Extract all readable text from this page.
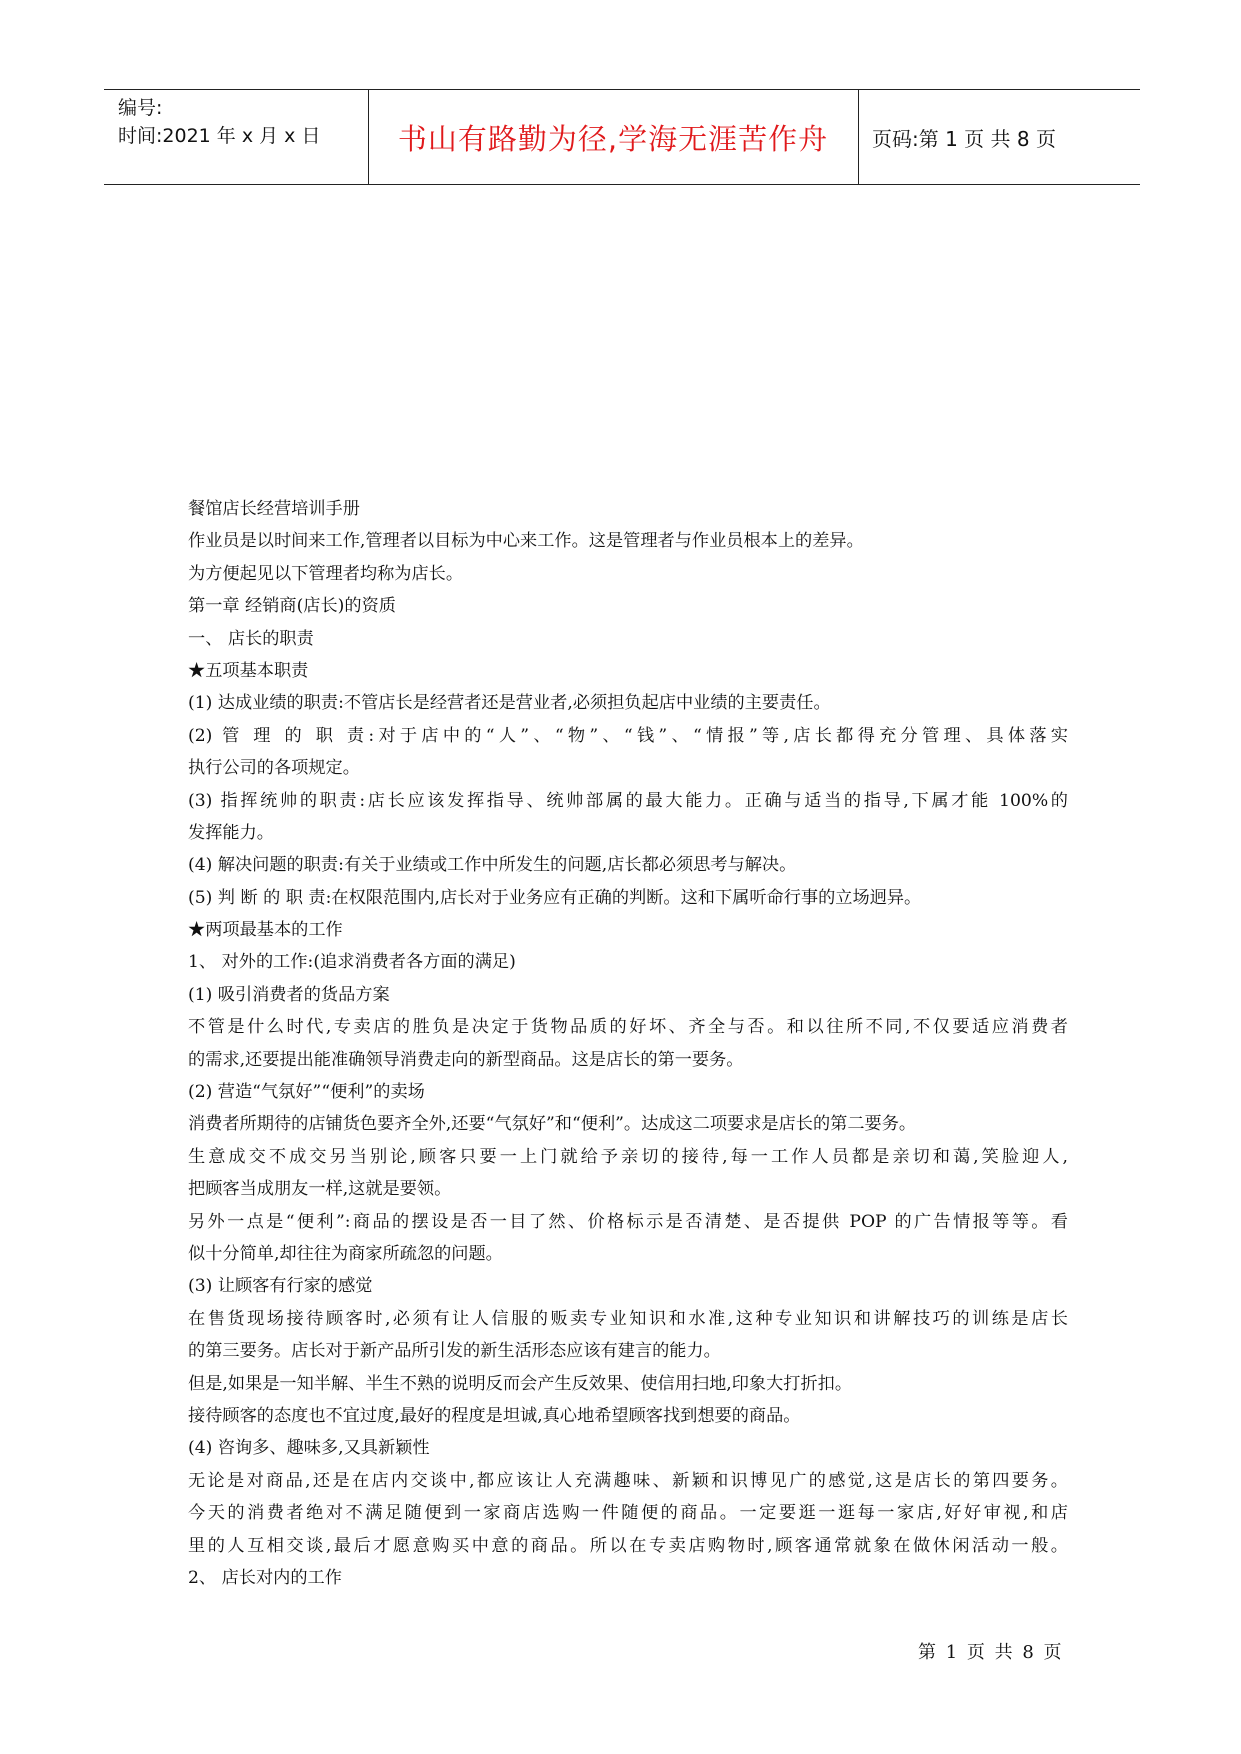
编号:
时间:2021 年 x 月 x 日	书山有路勤为径,学海无涯苦作舟	页码:第 1 页 共 8 页
餐馆店长经营培训手册
作业员是以时间来工作,管理者以目标为中心来工作。这是管理者与作业员根本上的差异。
为方便起见以下管理者均称为店长。
第一章 经销商(店长)的资质
一、 店长的职责
★五项基本职责
(1) 达成业绩的职责:不管店长是经营者还是营业者,必须担负起店中业绩的主要责任。
(2) 管 理 的 职 责:对于店中的“人”、“物”、“钱”、“情报”等,店长都得充分管理、具体落实
执行公司的各项规定。
(3) 指挥统帅的职责:店长应该发挥指导、统帅部属的最大能力。正确与适当的指导,下属才能 100%的
发挥能力。
(4) 解决问题的职责:有关于业绩或工作中所发生的问题,店长都必须思考与解决。
(5) 判 断 的 职 责:在权限范围内,店长对于业务应有正确的判断。这和下属听命行事的立场迥异。
★两项最基本的工作
1、 对外的工作:(追求消费者各方面的满足)
(1) 吸引消费者的货品方案
不管是什么时代,专卖店的胜负是决定于货物品质的好坏、齐全与否。和以往所不同,不仅要适应消费者
的需求,还要提出能准确领导消费走向的新型商品。这是店长的第一要务。
(2) 营造“气氛好”“便利”的卖场
消费者所期待的店铺货色要齐全外,还要“气氛好”和“便利”。达成这二项要求是店长的第二要务。
生意成交不成交另当别论,顾客只要一上门就给予亲切的接待,每一工作人员都是亲切和蔼,笑脸迎人,
把顾客当成朋友一样,这就是要领。
另外一点是“便利”:商品的摆设是否一目了然、价格标示是否清楚、是否提供 POP 的广告情报等等。看
似十分简单,却往往为商家所疏忽的问题。
(3) 让顾客有行家的感觉
在售货现场接待顾客时,必须有让人信服的贩卖专业知识和水准,这种专业知识和讲解技巧的训练是店长
的第三要务。店长对于新产品所引发的新生活形态应该有建言的能力。
但是,如果是一知半解、半生不熟的说明反而会产生反效果、使信用扫地,印象大打折扣。
接待顾客的态度也不宜过度,最好的程度是坦诚,真心地希望顾客找到想要的商品。
(4) 咨询多、趣味多,又具新颖性
无论是对商品,还是在店内交谈中,都应该让人充满趣味、新颖和识博见广的感觉,这是店长的第四要务。
今天的消费者绝对不满足随便到一家商店选购一件随便的商品。一定要逛一逛每一家店,好好审视,和店
里的人互相交谈,最后才愿意购买中意的商品。所以在专卖店购物时,顾客通常就象在做休闲活动一般。
2、 店长对内的工作
第 1 页 共 8 页
